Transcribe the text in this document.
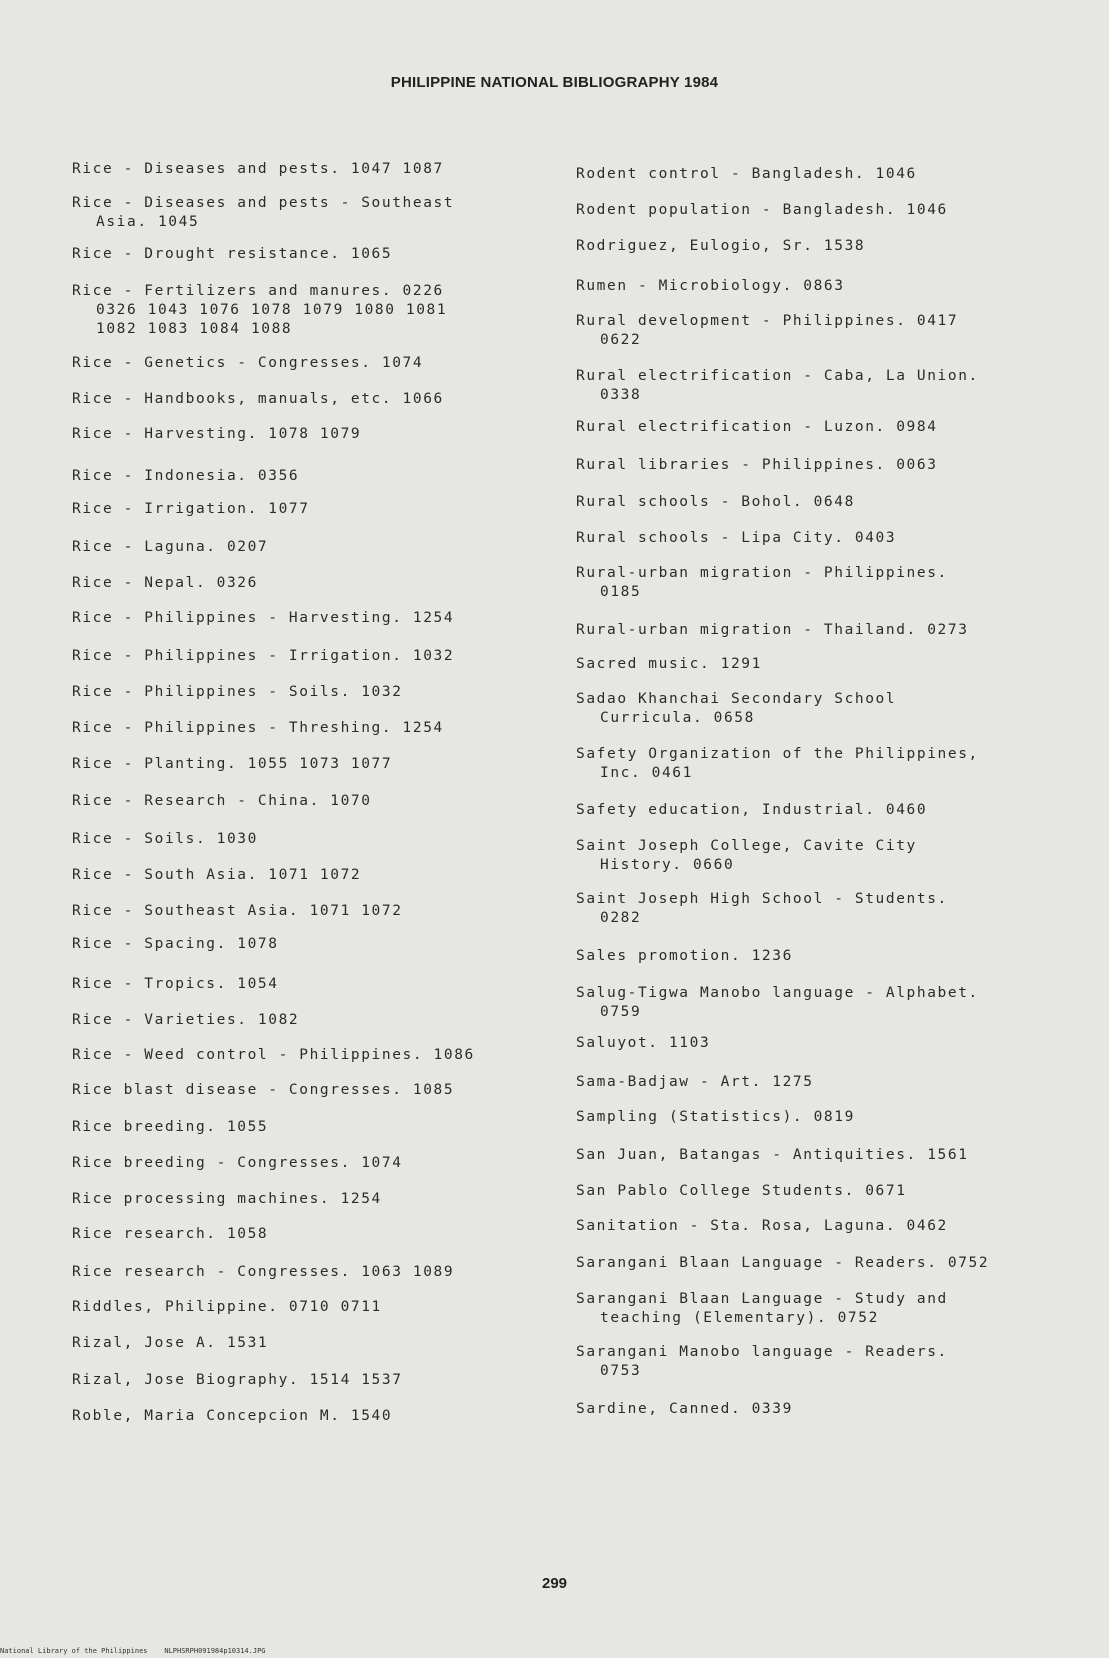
PHILIPPINE NATIONAL BIBLIOGRAPHY 1984
Rice - Diseases and pests. 1047 1087
Rice - Diseases and pests - Southeast

Asia. 1045
Rice - Drought resistance. 1065
Rice - Fertilizers and manures. 0226

0326 1043 1076 1078 1079 1080 1081
1082 1083 1084 1088
Rice - Genetics - Congresses. 1074
Rice - Handbooks, manuals, etc. 1066
Rice - Harvesting. 1078 1079
Rice - Indonesia. 0356
Rice - Irrigation. 1077
Rice - Laguna. 0207
Rice - Nepal. 0326
Rice - Philippines - Harvesting. 1254
Rice - Philippines - Irrigation. 1032
Rice - Philippines - Soils. 1032
Rice - Philippines - Threshing. 1254
Rice - Planting. 1055 1073 1077
Rice - Research - China. 1070
Rice - Soils. 1030
Rice - South Asia. 1071 1072
Rice - Southeast Asia. 1071 1072
Rice - Spacing. 1078
Rice - Tropics. 1054
Rice - Varieties. 1082
Rice - Weed control - Philippines. 1086
Rice blast disease - Congresses. 1085
Rice breeding. 1055
Rice breeding - Congresses. 1074
Rice processing machines. 1254
Rice research. 1058
Rice research - Congresses. 1063 1089
Riddles, Philippine. 0710 0711
Rizal, Jose A. 1531
Rizal, Jose Biography. 1514 1537
Roble, Maria Concepcion M. 1540
Rodent control - Bangladesh. 1046
Rodent population - Bangladesh. 1046
Rodriguez, Eulogio, Sr. 1538
Rumen - Microbiology. 0863
Rural development - Philippines. 0417

0622
Rural electrification - Caba, La Union.

0338
Rural electrification - Luzon. 0984
Rural libraries - Philippines. 0063
Rural schools - Bohol. 0648
Rural schools - Lipa City. 0403
Rural-urban migration - Philippines.

0185
Rural-urban migration - Thailand. 0273
Sacred music. 1291
Sadao Khanchai Secondary School

Curricula. 0658
Safety Organization of the Philippines,

Inc. 0461
Safety education, Industrial. 0460
Saint Joseph College, Cavite City

History. 0660
Saint Joseph High School - Students.

0282
Sales promotion. 1236
Salug-Tigwa Manobo language - Alphabet.

0759
Saluyot. 1103
Sama-Badjaw - Art. 1275
Sampling (Statistics). 0819
San Juan, Batangas - Antiquities. 1561
San Pablo College Students. 0671
Sanitation - Sta. Rosa, Laguna. 0462
Sarangani Blaan Language - Readers. 0752
Sarangani Blaan Language - Study and

teaching (Elementary). 0752
Sarangani Manobo language - Readers.

0753
Sardine, Canned. 0339
299
National Library of the Philippines    NLPHSRPH091984p10314.JPG
